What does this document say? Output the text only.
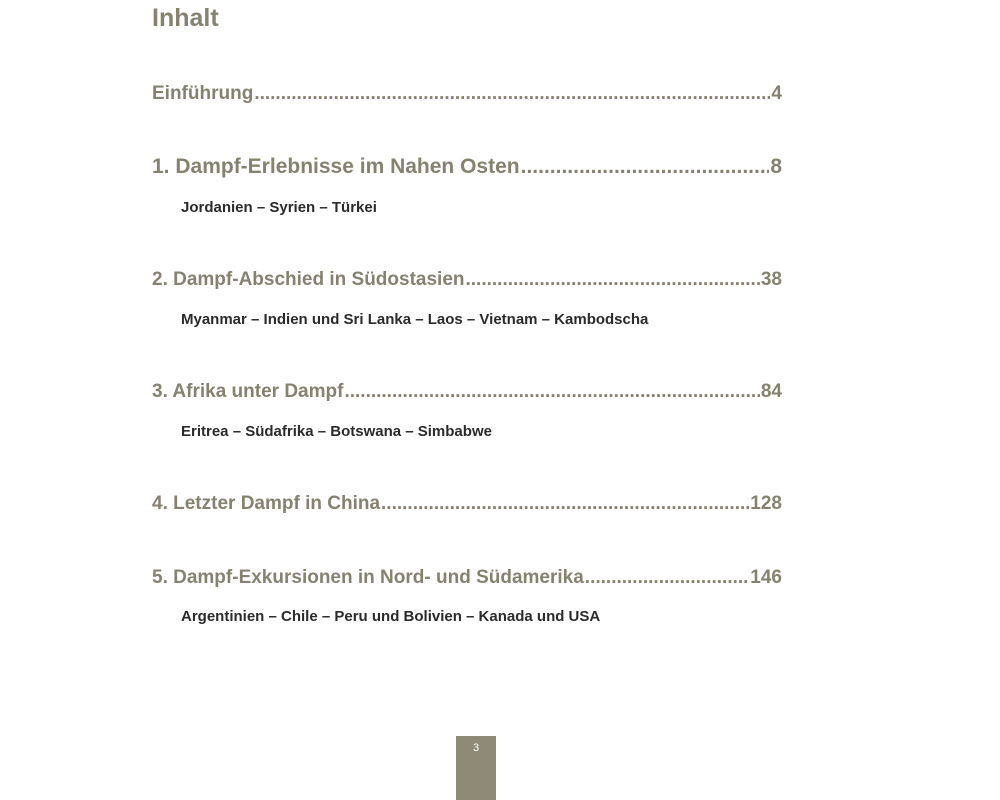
Inhalt
Einführung .....	4
1. Dampf-Erlebnisse im Nahen Osten .....	8
Jordanien – Syrien – Türkei
2. Dampf-Abschied in Südostasien .....	38
Myanmar – Indien und Sri Lanka – Laos – Vietnam – Kambodscha
3. Afrika unter Dampf .....	84
Eritrea – Südafrika – Botswana – Simbabwe
4. Letzter Dampf in China .....	128
5. Dampf-Exkursionen in Nord- und Südamerika .....	146
Argentinien – Chile – Peru und Bolivien – Kanada und USA
3
